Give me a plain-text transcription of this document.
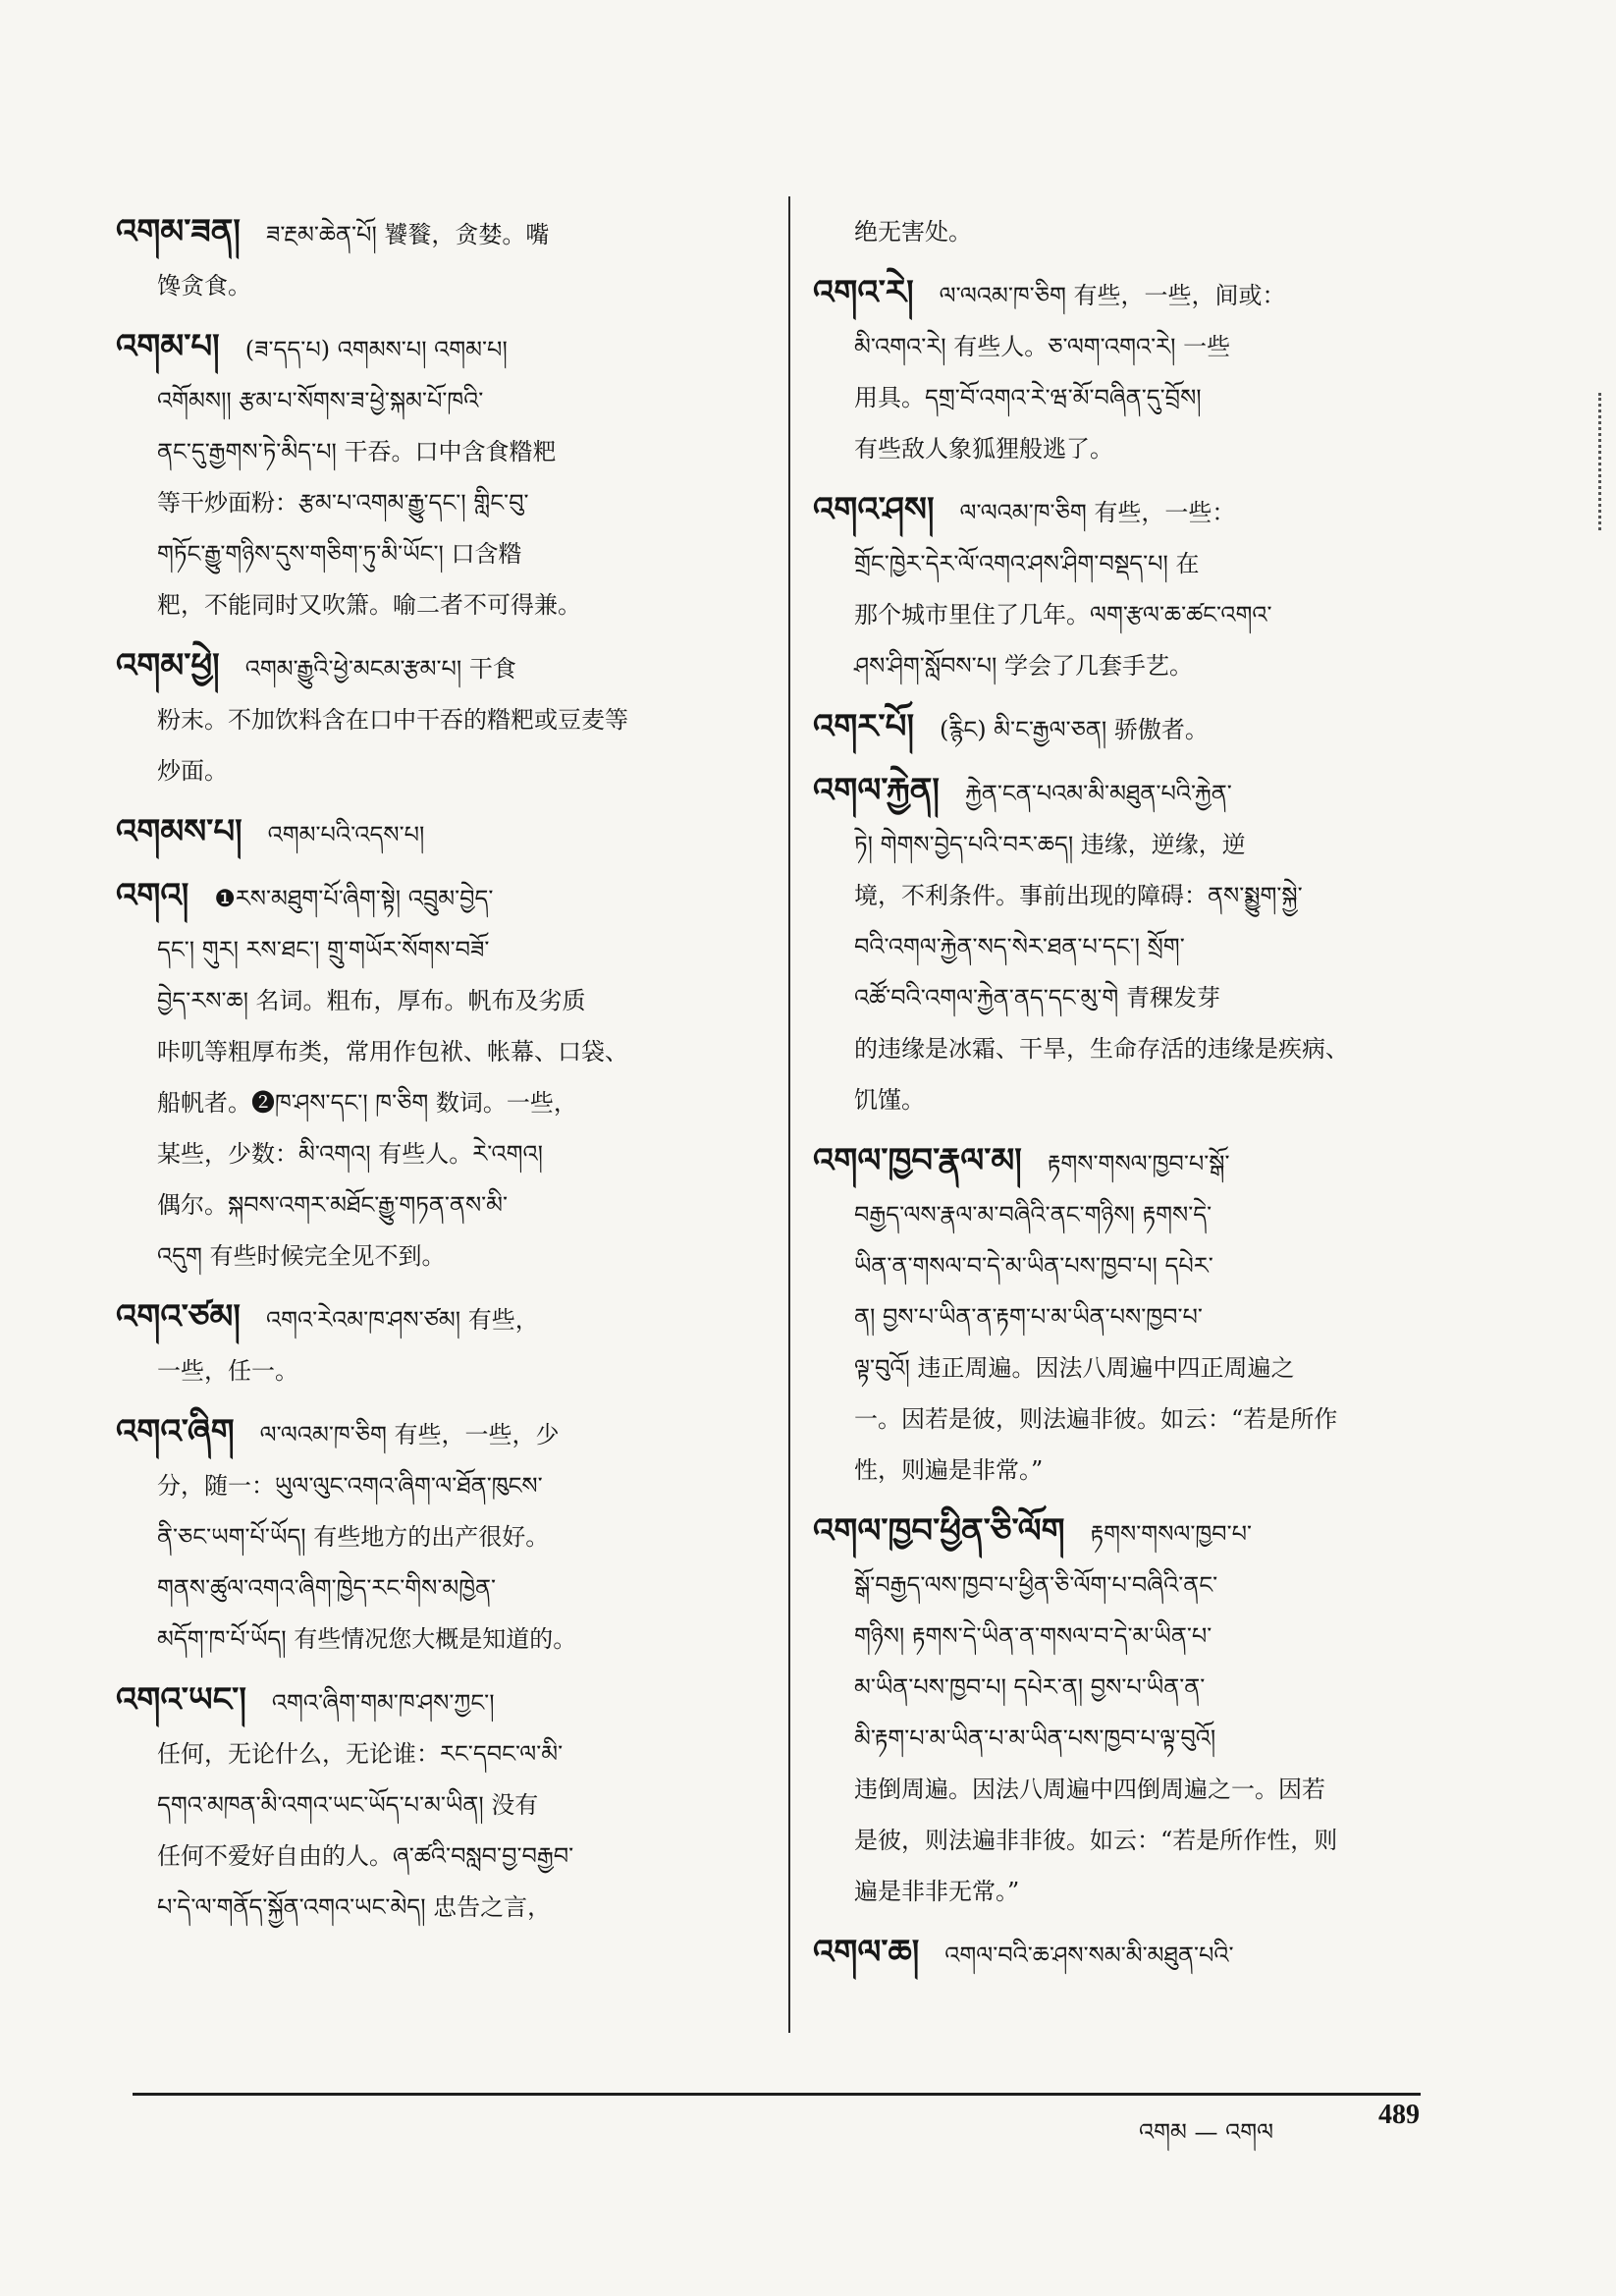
འགམ་ཟན། ཟ་རྔམ་ཆེན་པོ། 饕餮，贪婪。嘴

馋贪食。

འགམ་པ། (ཟ་དད་པ) འགམས་པ། འགམ་པ།

འགོམས།། རྩམ་པ་སོགས་ཟ་ཕྱེ་སྐམ་པོ་ཁའི་

ནང་དུ་རྒྱགས་ཏེ་མིད་པ། 干吞。口中含食糌粑

等干炒面粉：རྩམ་པ་འགམ་རྒྱུ་དང་། གླིང་བུ་

གཏོང་རྒྱུ་གཉིས་དུས་གཅིག་ཏུ་མི་ཡོང་། 口含糌

粑，不能同时又吹箫。喻二者不可得兼。

འགམ་ཕྱེ། འགམ་རྒྱུའི་ཕྱེ་མངམ་རྩམ་པ། 干食

粉末。不加饮料含在口中干吞的糌粑或豆麦等

炒面。

འགམས་པ། འགམ་པའི་འདས་པ།

འགའ། ❶རས་མཐུག་པོ་ཞིག་སྟེ། འབྲུམ་བྱེད་

དང་། གུར། རས་ཐང་། གྲུ་གཡོར་སོགས་བཟོ་

བྱེད་རས་ཆ། 名词。粗布，厚布。帆布及劣质

咔叽等粗厚布类，常用作包袱、帐幕、口袋、

船帆者。❷ཁ་ཤས་དང་། ཁ་ཅིག 数词。一些，

某些，少数：མི་འགའ། 有些人。རེ་འགའ།

偶尔。སྐབས་འགར་མཐོང་རྒྱུ་གཏན་ནས་མི་

འདུག 有些时候完全见不到。

འགའ་ཙམ། འགའ་རེའམ་ཁ་ཤས་ཙམ། 有些，

一些，任一。

འགའ་ཞིག ལ་ལའམ་ཁ་ཅིག 有些，一些，少

分，随一：ཡུལ་ལུང་འགའ་ཞིག་ལ་ཐོན་ཁུངས་

ནི་ཅང་ཡག་པོ་ཡོད། 有些地方的出产很好。

གནས་ཚུལ་འགའ་ཞིག་ཁྱེད་རང་གིས་མཁྱེན་

མདོག་ཁ་པོ་ཡོད། 有些情况您大概是知道的。

འགའ་ཡང་། འགའ་ཞིག་གམ་ཁ་ཤས་ཀྱང་།

任何，无论什么，无论谁：རང་དབང་ལ་མི་

དགའ་མཁན་མི་འགའ་ཡང་ཡོད་པ་མ་ཡིན། 没有

任何不爱好自由的人。ཞ་ཚའི་བསླབ་བྱ་བརྒྱབ་

པ་དེ་ལ་གནོད་སྐྱོན་འགའ་ཡང་མེད། 忠告之言，

绝无害处。

འགའ་རེ། ལ་ལའམ་ཁ་ཅིག 有些，一些，间或：

མི་འགའ་རེ། 有些人。ཅ་ལག་འགའ་རེ། 一些

用具。དགྲ་བོ་འགའ་རེ་ཝ་མོ་བཞིན་དུ་བྲོས།

有些敌人象狐狸般逃了。

འགའ་ཤས། ལ་ལའམ་ཁ་ཅིག 有些，一些：

གྲོང་ཁྱེར་དེར་ལོ་འགའ་ཤས་ཤིག་བསྡད་པ། 在

那个城市里住了几年。ལག་རྩལ་ཆ་ཚང་འགའ་

ཤས་ཤིག་སློབས་པ། 学会了几套手艺。

འགར་པོ། (རྙིང) མི་ང་རྒྱལ་ཅན། 骄傲者。

འགལ་རྐྱེན། རྐྱེན་ངན་པའམ་མི་མཐུན་པའི་རྐྱེན་

ཏེ། གེགས་བྱེད་པའི་བར་ཆད། 违缘，逆缘，逆

境，不利条件。事前出现的障碍：ནས་སྨྱུག་སྐྱེ་

བའི་འགལ་རྐྱེན་སད་སེར་ཐན་པ་དང་། སྲོག་

འཚོ་བའི་འགལ་རྐྱེན་ནད་དང་མུ་གེ 青稞发芽

的违缘是冰霜、干旱，生命存活的违缘是疾病、

饥馑。

འགལ་ཁྱབ་རྣལ་མ། རྟགས་གསལ་ཁྱབ་པ་སྒོ་

བརྒྱད་ལས་རྣལ་མ་བཞིའི་ནང་གཉིས། རྟགས་དེ་

ཡིན་ན་གསལ་བ་དེ་མ་ཡིན་པས་ཁྱབ་པ། དཔེར་

ན། བྱས་པ་ཡིན་ན་རྟག་པ་མ་ཡིན་པས་ཁྱབ་པ་

ལྟ་བུའོ། 违正周遍。因法八周遍中四正周遍之

一。因若是彼，则法遍非彼。如云：“若是所作

性，则遍是非常。”

འགལ་ཁྱབ་ཕྱིན་ཅི་ལོག རྟགས་གསལ་ཁྱབ་པ་

སྒོ་བརྒྱད་ལས་ཁྱབ་པ་ཕྱིན་ཅི་ལོག་པ་བཞིའི་ནང་

གཉིས། རྟགས་དེ་ཡིན་ན་གསལ་བ་དེ་མ་ཡིན་པ་

མ་ཡིན་པས་ཁྱབ་པ། དཔེར་ན། བྱས་པ་ཡིན་ན་

མི་རྟག་པ་མ་ཡིན་པ་མ་ཡིན་པས་ཁྱབ་པ་ལྟ་བུའོ།

违倒周遍。因法八周遍中四倒周遍之一。因若

是彼，则法遍非非彼。如云：“若是所作性，则

遍是非非无常。”

འགལ་ཆ། འགལ་བའི་ཆ་ཤས་སམ་མི་མཐུན་པའི་

འགམ — འགལ
489
